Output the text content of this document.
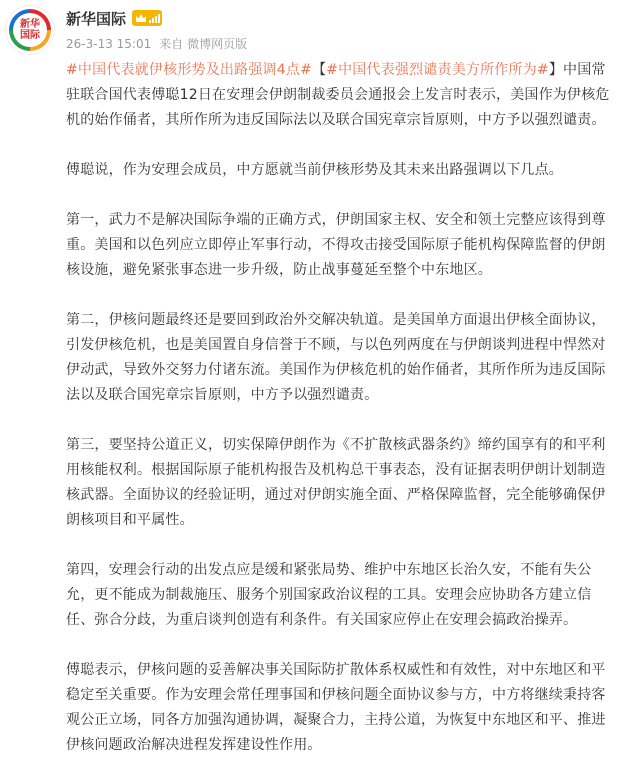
新华
国际
新华国际
26-3-13 15:01 来自 微博网页版

#中国代表就伊核形势及出路强调4点#【#中国代表强烈谴责美方所作所为#】中国常驻联合国代表傅聪12日在安理会伊朗制裁委员会通报会上发言时表示，美国作为伊核危机的始作俑者，其所作所为违反国际法以及联合国宪章宗旨原则，中方予以强烈谴责。

傅聪说，作为安理会成员，中方愿就当前伊核形势及其未来出路强调以下几点。

第一，武力不是解决国际争端的正确方式，伊朗国家主权、安全和领土完整应该得到尊重。美国和以色列应立即停止军事行动，不得攻击接受国际原子能机构保障监督的伊朗核设施，避免紧张事态进一步升级，防止战事蔓延至整个中东地区。

第二，伊核问题最终还是要回到政治外交解决轨道。是美国单方面退出伊核全面协议，引发伊核危机，也是美国置自身信誉于不顾，与以色列两度在与伊朗谈判进程中悍然对伊动武，导致外交努力付诸东流。美国作为伊核危机的始作俑者，其所作所为违反国际法以及联合国宪章宗旨原则，中方予以强烈谴责。

第三，要坚持公道正义，切实保障伊朗作为《不扩散核武器条约》缔约国享有的和平利用核能权利。根据国际原子能机构报告及机构总干事表态，没有证据表明伊朗计划制造核武器。全面协议的经验证明，通过对伊朗实施全面、严格保障监督，完全能够确保伊朗核项目和平属性。

第四，安理会行动的出发点应是缓和紧张局势、维护中东地区长治久安，不能有失公允，更不能成为制裁施压、服务个别国家政治议程的工具。安理会应协助各方建立信任、弥合分歧，为重启谈判创造有利条件。有关国家应停止在安理会搞政治操弄。

傅聪表示，伊核问题的妥善解决事关国际防扩散体系权威性和有效性，对中东地区和平稳定至关重要。作为安理会常任理事国和伊核问题全面协议参与方，中方将继续秉持客观公正立场，同各方加强沟通协调，凝聚合力，主持公道，为恢复中东地区和平、推进伊核问题政治解决进程发挥建设性作用。
